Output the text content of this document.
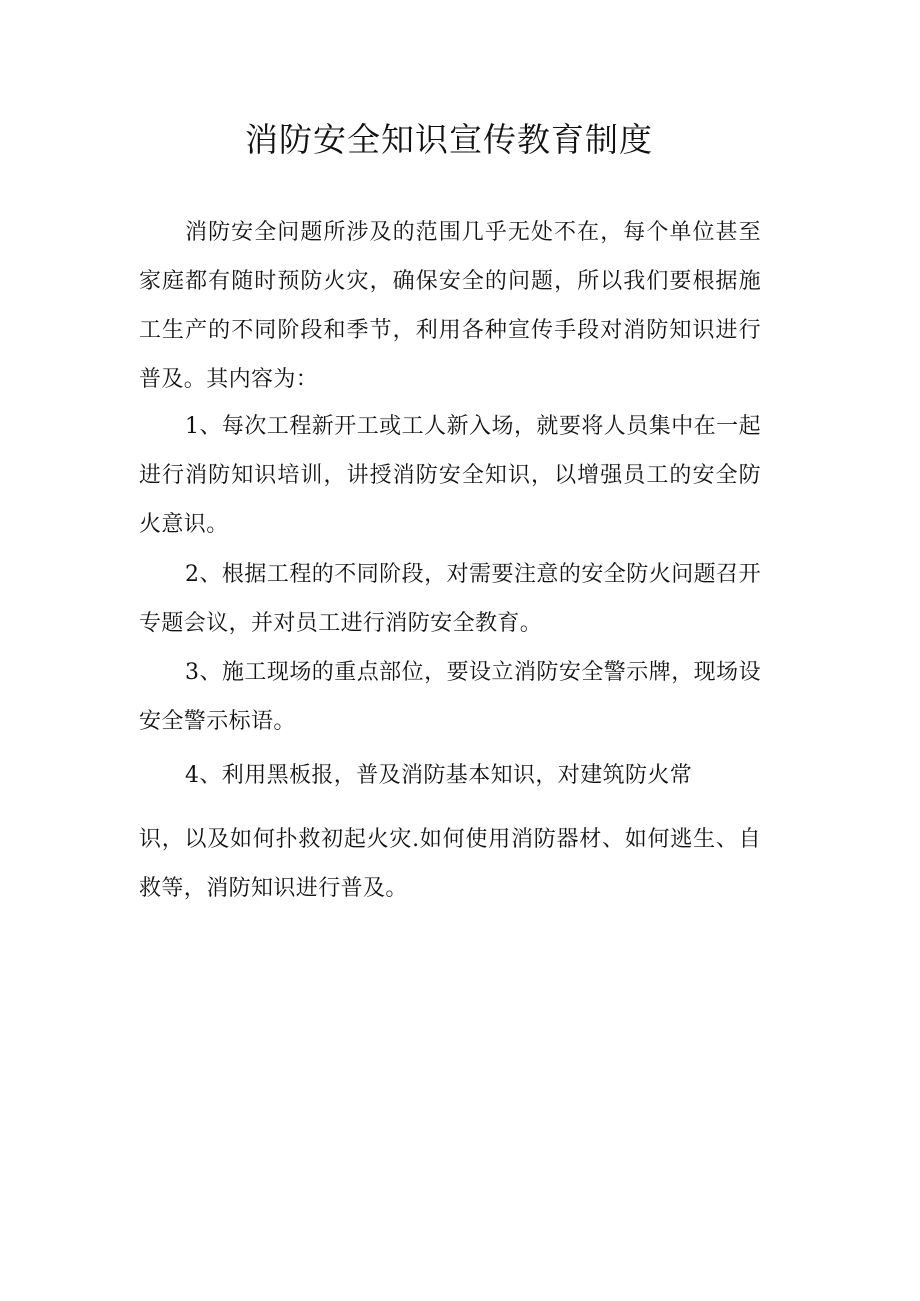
消防安全知识宣传教育制度

消防安全问题所涉及的范围几乎无处不在，每个单位甚至家庭都有随时预防火灾，确保安全的问题，所以我们要根据施工生产的不同阶段和季节，利用各种宣传手段对消防知识进行普及。其内容为：

1、每次工程新开工或工人新入场，就要将人员集中在一起进行消防知识培训，讲授消防安全知识，以增强员工的安全防火意识。

2、根据工程的不同阶段，对需要注意的安全防火问题召开专题会议，并对员工进行消防安全教育。

3、施工现场的重点部位，要设立消防安全警示牌，现场设安全警示标语。

4、利用黑板报，普及消防基本知识，对建筑防火常

识，以及如何扑救初起火灾.如何使用消防器材、如何逃生、自救等，消防知识进行普及。
